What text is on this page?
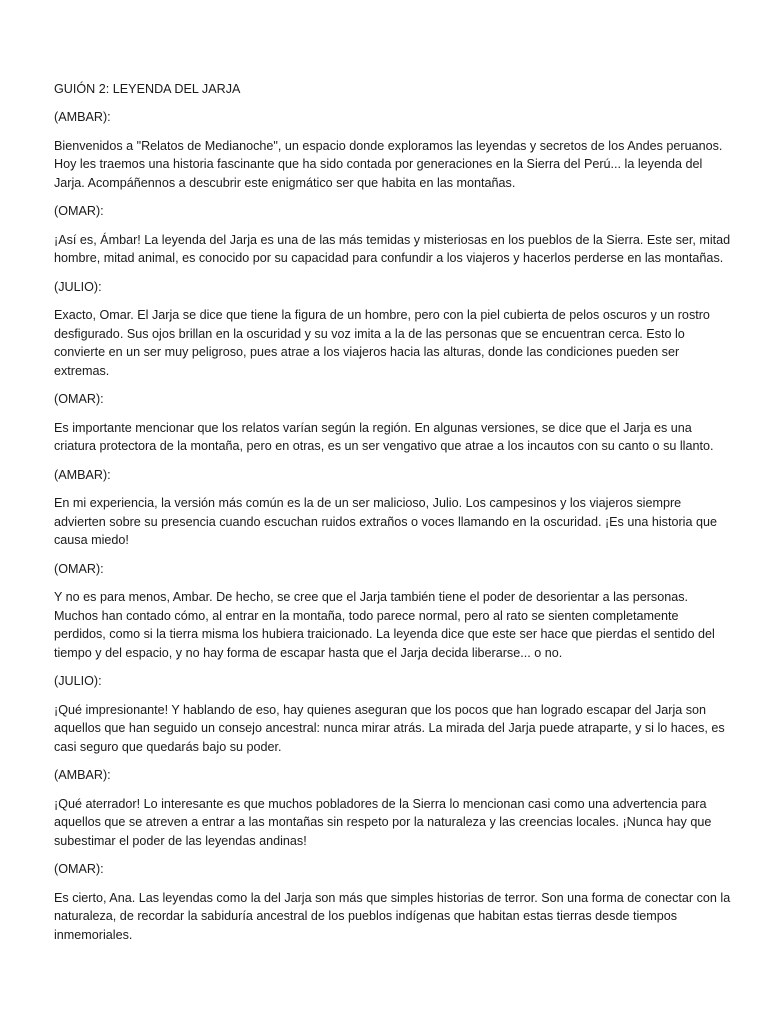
GUIÓN 2: LEYENDA DEL JARJA

(AMBAR):

Bienvenidos a "Relatos de Medianoche", un espacio donde exploramos las leyendas y secretos de los Andes peruanos. Hoy les traemos una historia fascinante que ha sido contada por generaciones en la Sierra del Perú... la leyenda del Jarja. Acompáñennos a descubrir este enigmático ser que habita en las montañas.

(OMAR):

¡Así es, Ámbar! La leyenda del Jarja es una de las más temidas y misteriosas en los pueblos de la Sierra. Este ser, mitad hombre, mitad animal, es conocido por su capacidad para confundir a los viajeros y hacerlos perderse en las montañas.

(JULIO):

Exacto, Omar. El Jarja se dice que tiene la figura de un hombre, pero con la piel cubierta de pelos oscuros y un rostro desfigurado. Sus ojos brillan en la oscuridad y su voz imita a la de las personas que se encuentran cerca. Esto lo convierte en un ser muy peligroso, pues atrae a los viajeros hacia las alturas, donde las condiciones pueden ser extremas.

(OMAR):

Es importante mencionar que los relatos varían según la región. En algunas versiones, se dice que el Jarja es una criatura protectora de la montaña, pero en otras, es un ser vengativo que atrae a los incautos con su canto o su llanto.

(AMBAR):

En mi experiencia, la versión más común es la de un ser malicioso, Julio. Los campesinos y los viajeros siempre advierten sobre su presencia cuando escuchan ruidos extraños o voces llamando en la oscuridad. ¡Es una historia que causa miedo!

(OMAR):

Y no es para menos, Ambar. De hecho, se cree que el Jarja también tiene el poder de desorientar a las personas. Muchos han contado cómo, al entrar en la montaña, todo parece normal, pero al rato se sienten completamente perdidos, como si la tierra misma los hubiera traicionado. La leyenda dice que este ser hace que pierdas el sentido del tiempo y del espacio, y no hay forma de escapar hasta que el Jarja decida liberarse... o no.

(JULIO):

¡Qué impresionante! Y hablando de eso, hay quienes aseguran que los pocos que han logrado escapar del Jarja son aquellos que han seguido un consejo ancestral: nunca mirar atrás. La mirada del Jarja puede atraparte, y si lo haces, es casi seguro que quedarás bajo su poder.

(AMBAR):

¡Qué aterrador! Lo interesante es que muchos pobladores de la Sierra lo mencionan casi como una advertencia para aquellos que se atreven a entrar a las montañas sin respeto por la naturaleza y las creencias locales. ¡Nunca hay que subestimar el poder de las leyendas andinas!

(OMAR):

Es cierto, Ana. Las leyendas como la del Jarja son más que simples historias de terror. Son una forma de conectar con la naturaleza, de recordar la sabiduría ancestral de los pueblos indígenas que habitan estas tierras desde tiempos inmemoriales.
